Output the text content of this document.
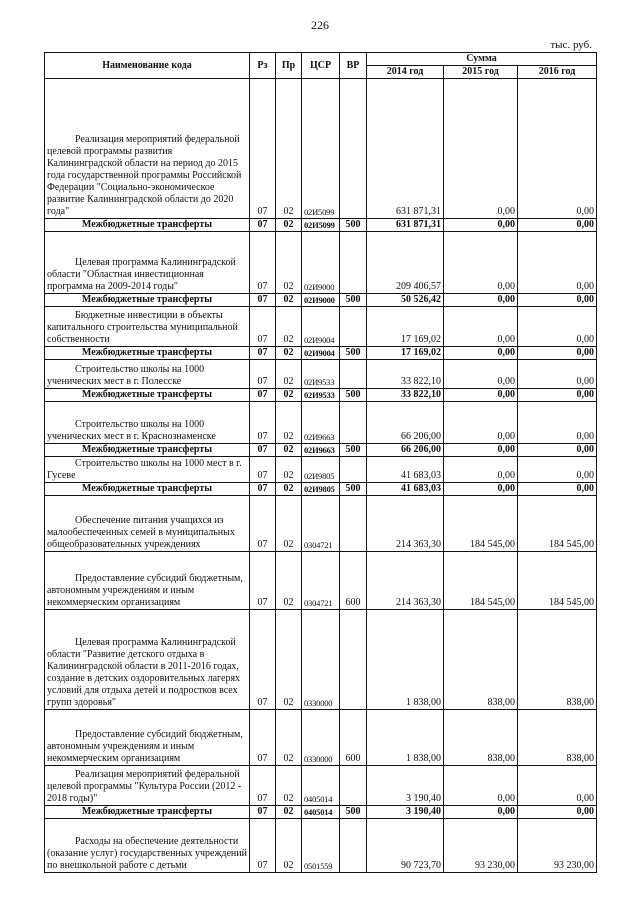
226
тыс. руб.
Наименование кода	Рз	Пр	ЦСР	ВР	Сумма		
					2014 год	2015 год	2016 год
Реализация мероприятий федеральной целевой программы развития Калининградской области на период до 2015 года государственной программы Российской Федерации "Социально-экономическое развитие Калининградской области до 2020 года"	07	02	02И5099		631 871,31	0,00	0,00
Межбюджетные трансферты	07	02	02И5099	500	631 871,31	0,00	0,00
Целевая программа Калининградской области "Областная инвестиционная программа на 2009-2014 годы"	07	02	02И9000		209 406,57	0,00	0,00
Межбюджетные трансферты	07	02	02И9000	500	50 526,42	0,00	0,00
Бюджетные инвестиции в объекты капитального строительства муниципальной собственности	07	02	02И9004		17 169,02	0,00	0,00
Межбюджетные трансферты	07	02	02И9004	500	17 169,02	0,00	0,00
Строительство школы на 1000 ученических мест в г. Полесске	07	02	02И9533		33 822,10	0,00	0,00
Межбюджетные трансферты	07	02	02И9533	500	33 822,10	0,00	0,00
Строительство школы на 1000 ученических мест в г. Краснознаменске	07	02	02И9663		66 206,00	0,00	0,00
Межбюджетные трансферты	07	02	02И9663	500	66 206,00	0,00	0,00
Строительство школы на 1000 мест в г. Гусеве	07	02	02И9805		41 683,03	0,00	0,00
Межбюджетные трансферты	07	02	02И9805	500	41 683,03	0,00	0,00
Обеспечение питания учащихся из малообеспеченных семей в муниципальных общеобразовательных учреждениях	07	02	0304721		214 363,30	184 545,00	184 545,00
Предоставление субсидий бюджетным, автономным учреждениям и иным некоммерческим организациям	07	02	0304721	600	214 363,30	184 545,00	184 545,00
Целевая программа Калининградской области "Развитие детского отдыха в Калининградской области в 2011-2016 годах, создание в детских оздоровительных лагерях условий для отдыха детей и подростков всех групп здоровья"	07	02	0330000		1 838,00	838,00	838,00
Предоставление субсидий бюджетным, автономным учреждениям и иным некоммерческим организациям	07	02	0330000	600	1 838,00	838,00	838,00
Реализация мероприятий федеральной целевой программы "Культура России (2012 - 2018 годы)"	07	02	0405014		3 190,40	0,00	0,00
Межбюджетные трансферты	07	02	0405014	500	3 190,40	0,00	0,00
Расходы на обеспечение деятельности (оказание услуг) государственных учреждений по внешкольной работе с детьми	07	02	0501559		90 723,70	93 230,00	93 230,00
